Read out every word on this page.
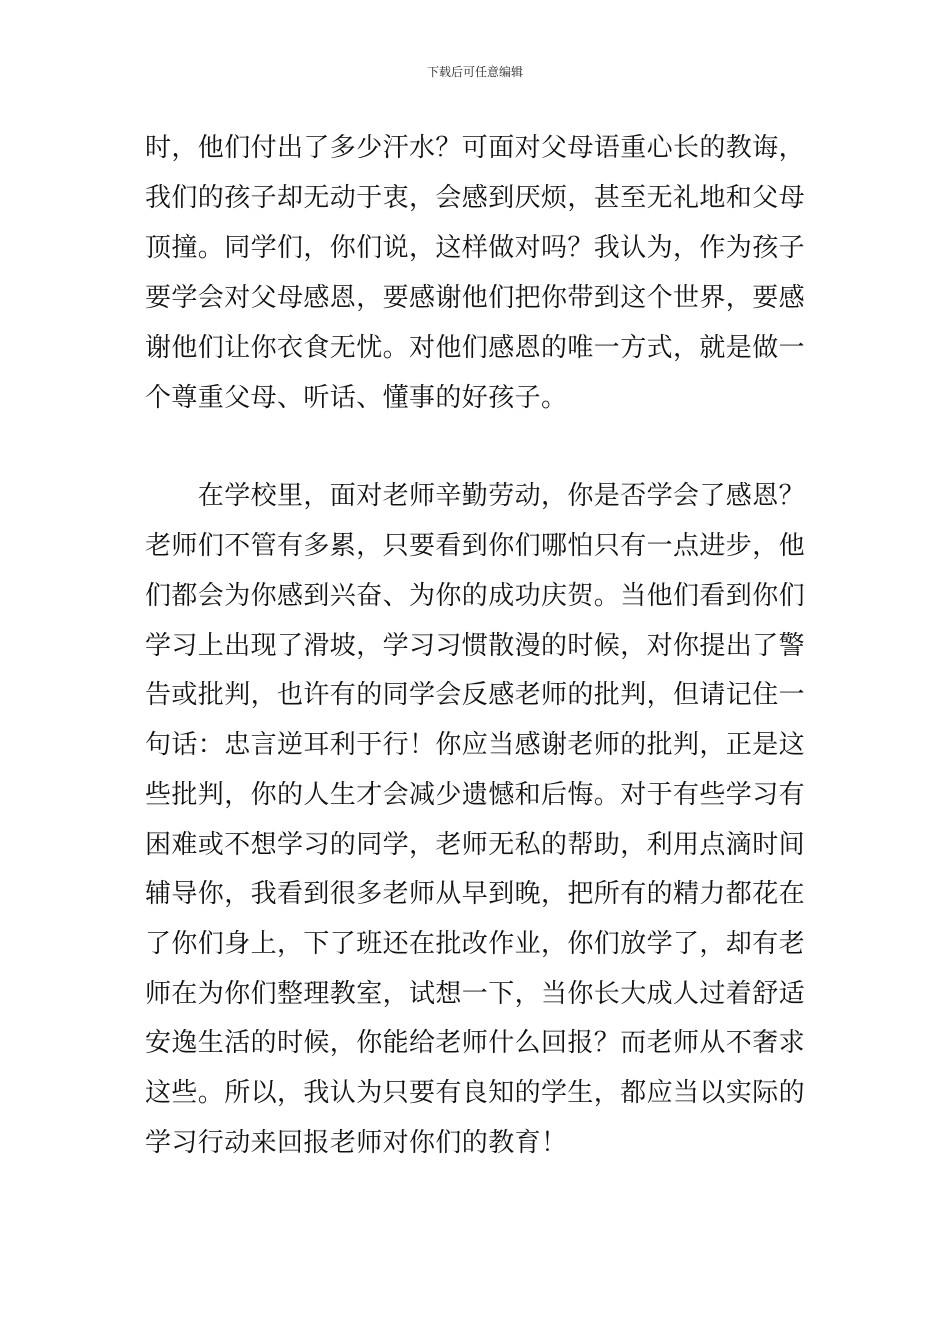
下载后可任意编辑
时，他们付出了多少汗水？可面对父母语重心长的教诲，
我们的孩子却无动于衷，会感到厌烦，甚至无礼地和父母
顶撞。同学们，你们说，这样做对吗？我认为，作为孩子
要学会对父母感恩，要感谢他们把你带到这个世界，要感
谢他们让你衣食无忧。对他们感恩的唯一方式，就是做一
个尊重父母、听话、懂事的好孩子。
　　在学校里，面对老师辛勤劳动，你是否学会了感恩？
老师们不管有多累，只要看到你们哪怕只有一点进步，他
们都会为你感到兴奋、为你的成功庆贺。当他们看到你们
学习上出现了滑坡，学习习惯散漫的时候，对你提出了警
告或批判，也许有的同学会反感老师的批判，但请记住一
句话：忠言逆耳利于行！你应当感谢老师的批判，正是这
些批判，你的人生才会减少遗憾和后悔。对于有些学习有
困难或不想学习的同学，老师无私的帮助，利用点滴时间
辅导你，我看到很多老师从早到晚，把所有的精力都花在
了你们身上，下了班还在批改作业，你们放学了，却有老
师在为你们整理教室，试想一下，当你长大成人过着舒适
安逸生活的时候，你能给老师什么回报？而老师从不奢求
这些。所以，我认为只要有良知的学生，都应当以实际的
学习行动来回报老师对你们的教育！
